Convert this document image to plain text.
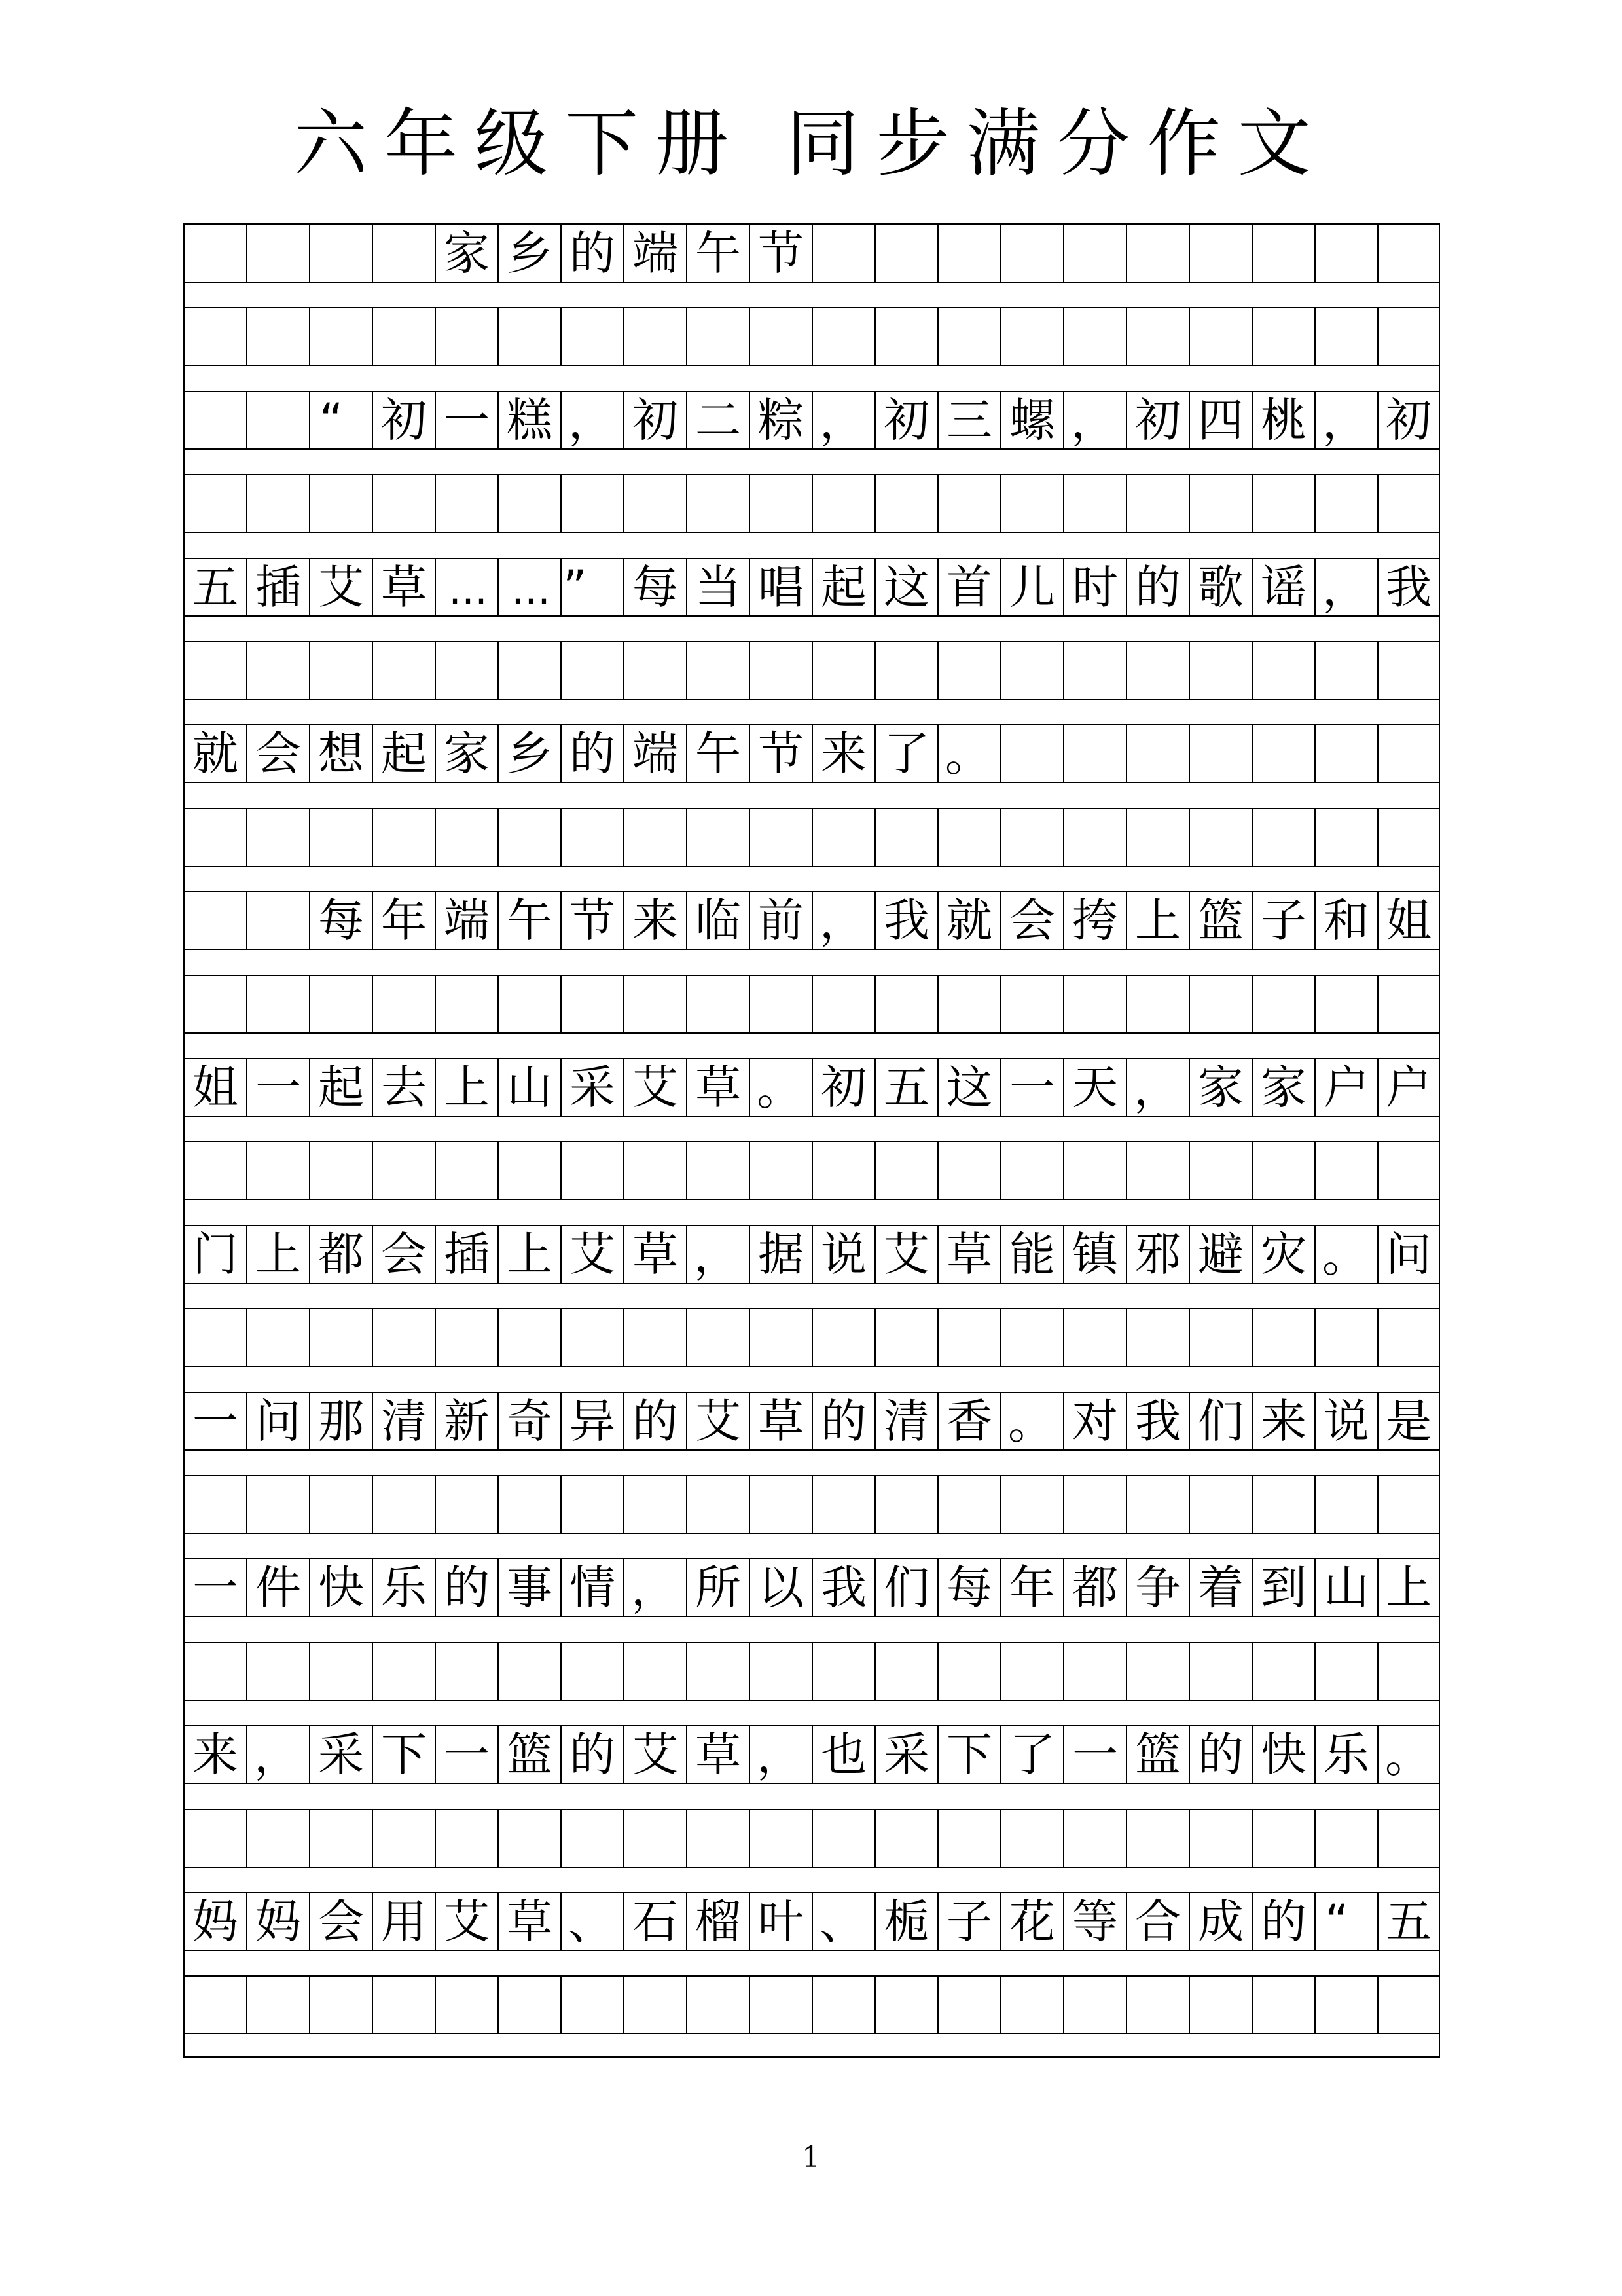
六年级下册 同步满分作文
家 乡 的 端 午 节
“ 初 一 糕 ， 初 二 粽 ， 初 三 螺 ， 初 四 桃 ， 初
五 插 艾 草 … … ” 每 当 唱 起 这 首 儿 时 的 歌 谣 ， 我
就 会 想 起 家 乡 的 端 午 节 来 了 。
每 年 端 午 节 来 临 前 ， 我 就 会 挎 上 篮 子 和 姐
姐 一 起 去 上 山 采 艾 草 。 初 五 这 一 天 ， 家 家 户 户
门 上 都 会 插 上 艾 草 ， 据 说 艾 草 能 镇 邪 避 灾 。 问
一 问 那 清 新 奇 异 的 艾 草 的 清 香 。 对 我 们 来 说 是
一 件 快 乐 的 事 情 ， 所 以 我 们 每 年 都 争 着 到 山 上
来 ， 采 下 一 篮 的 艾 草 ， 也 采 下 了 一 篮 的 快 乐 。
妈 妈 会 用 艾 草 、 石 榴 叶 、 栀 子 花 等 合 成 的 “ 五
1
